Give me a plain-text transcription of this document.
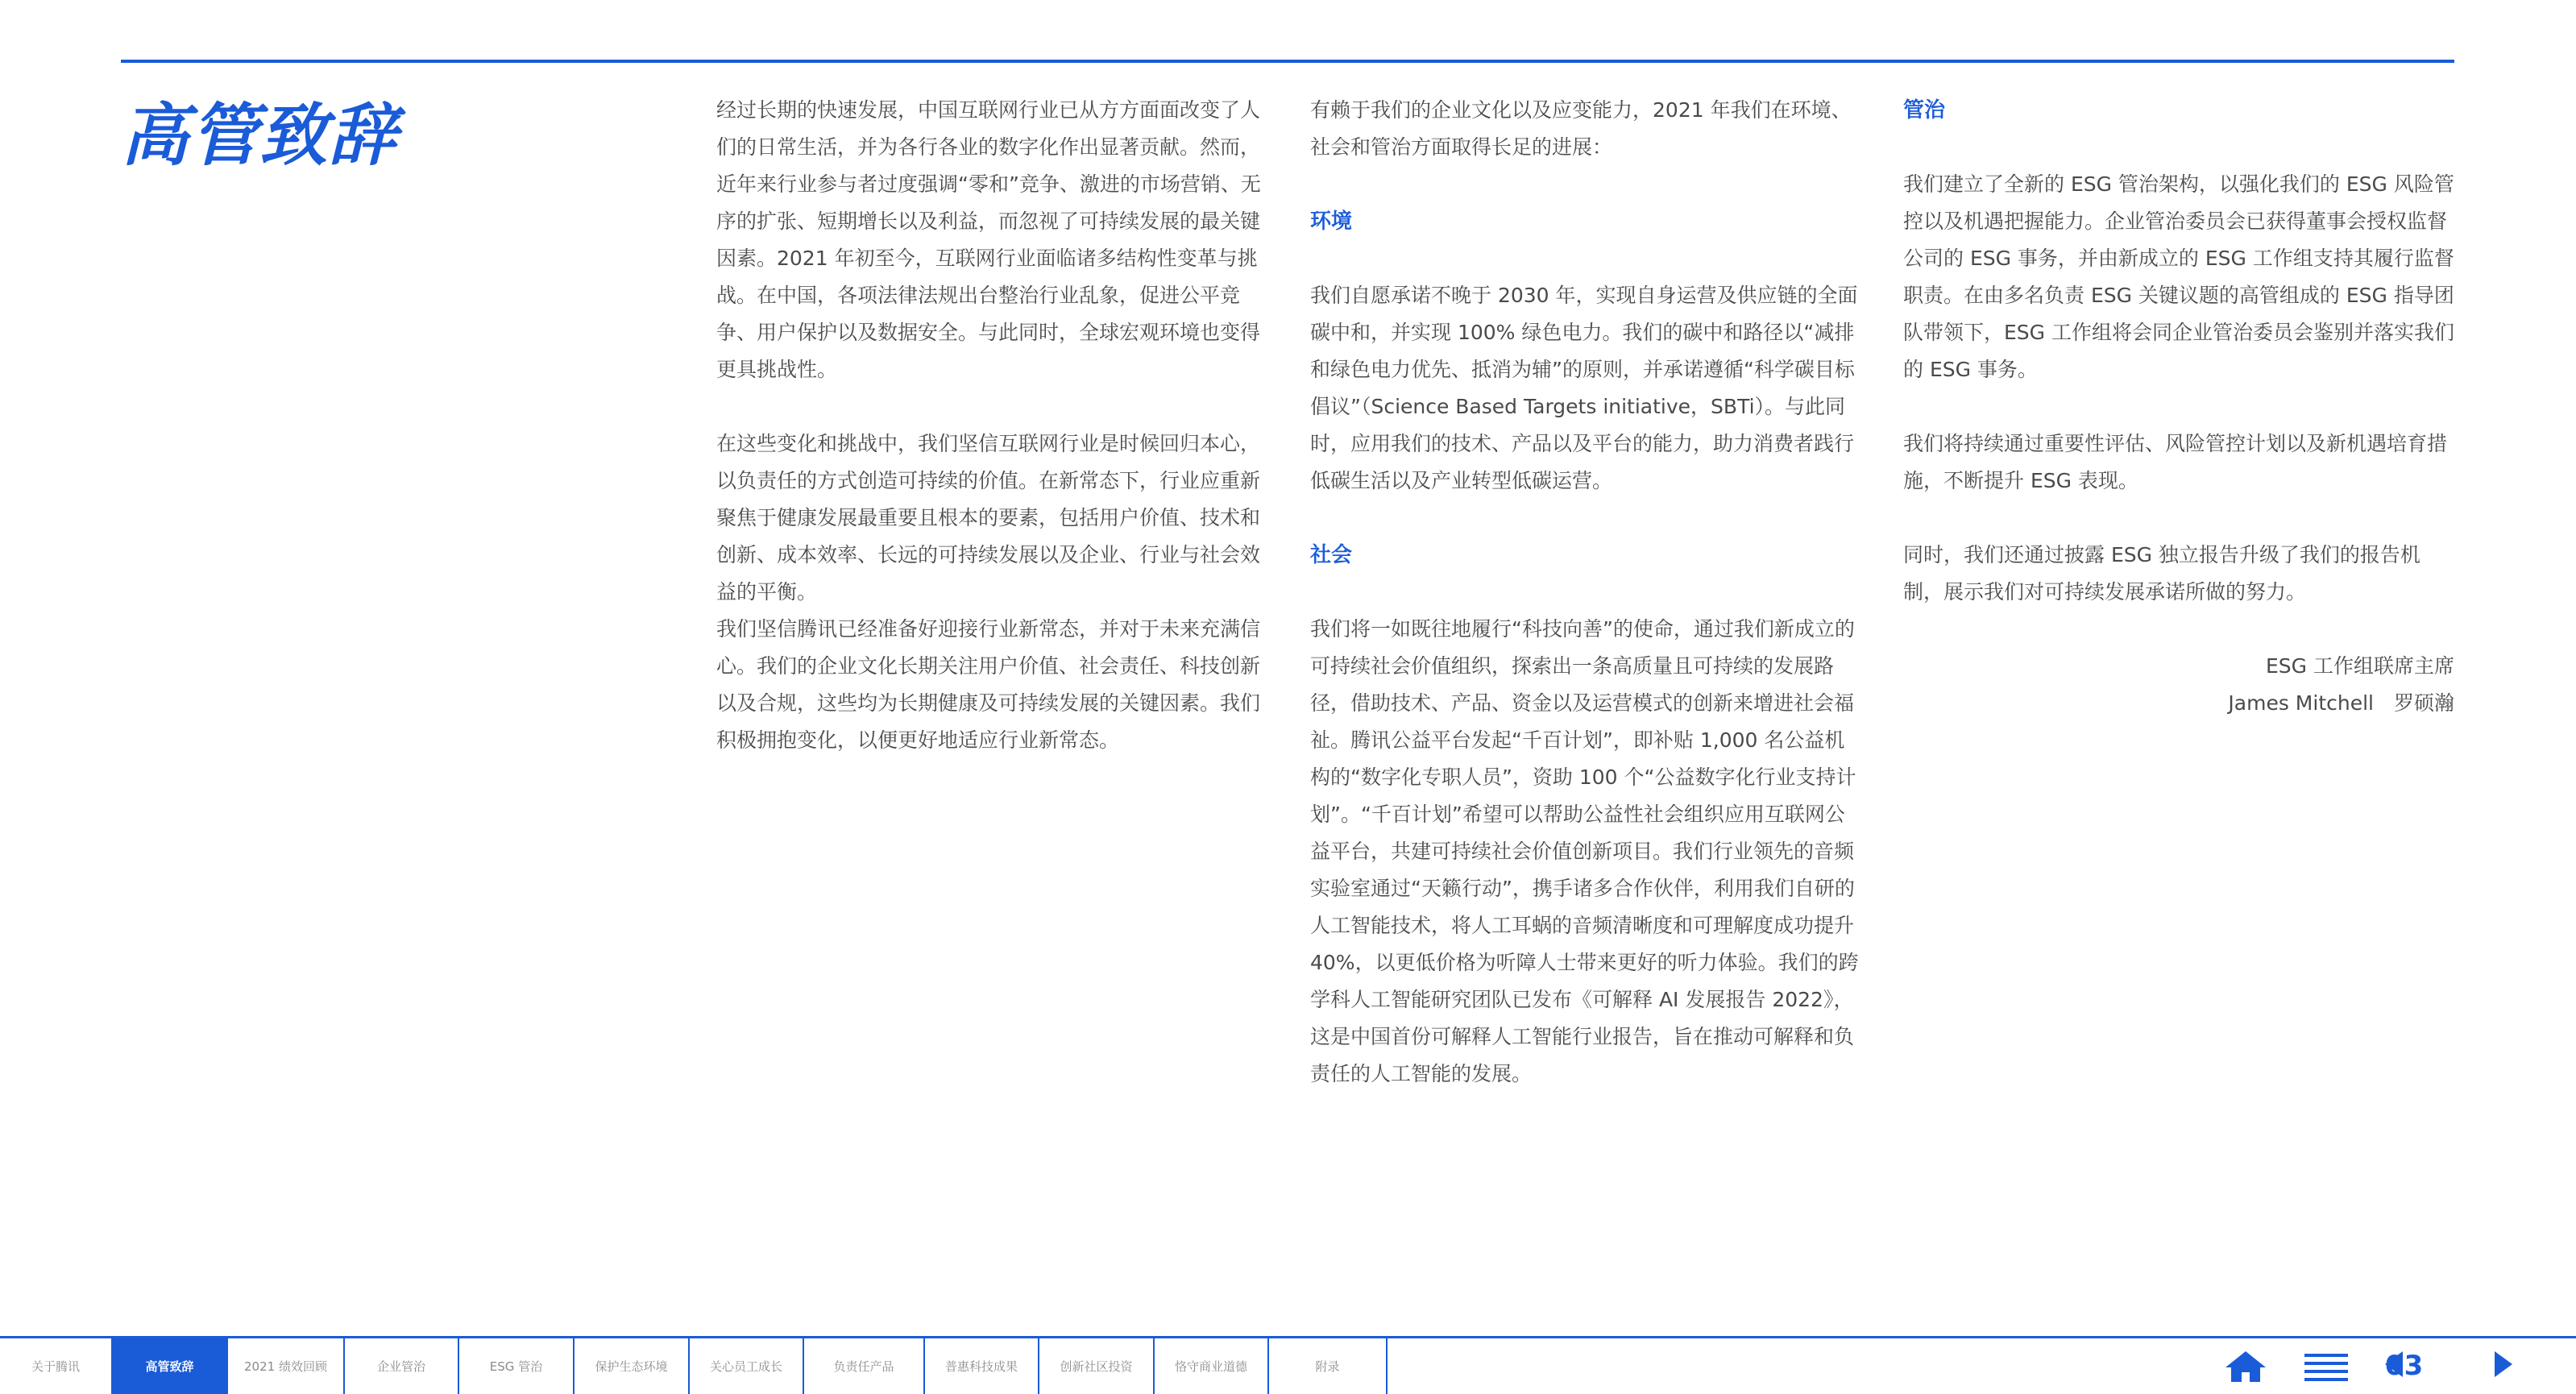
高管致辞	经过长期的快速发展，中国互联网行业已从方方面面改变了人们的日常生活，并为各行各业的数字化作出显著贡献。然而，近年来行业参与者过度强调“零和”竞争、激进的市场营销、无序的扩张、短期增长以及利益，而忽视了可持续发展的最关键因素。2021 年初至今，互联网行业面临诸多结构性变革与挑战。在中国，各项法律法规出台整治行业乱象，促进公平竞争、用户保护以及数据安全。与此同时，全球宏观环境也变得更具挑战性。

在这些变化和挑战中，我们坚信互联网行业是时候回归本心，以负责任的方式创造可持续的价值。在新常态下，行业应重新聚焦于健康发展最重要且根本的要素，包括用户价值、技术和创新、成本效率、长远的可持续发展以及企业、行业与社会效益的平衡。

我们坚信腾讯已经准备好迎接行业新常态，并对于未来充满信心。我们的企业文化长期关注用户价值、社会责任、科技创新以及合规，这些均为长期健康及可持续发展的关键因素。我们积极拥抱变化，以便更好地适应行业新常态。

有赖于我们的企业文化以及应变能力，2021 年我们在环境、社会和管治方面取得长足的进展：

环境

我们自愿承诺不晚于 2030 年，实现自身运营及供应链的全面碳中和，并实现 100% 绿色电力。我们的碳中和路径以“减排和绿色电力优先、抵消为辅”的原则，并承诺遵循“科学碳目标倡议”（Science Based Targets initiative，SBTi）。与此同时，应用我们的技术、产品以及平台的能力，助力消费者践行低碳生活以及产业转型低碳运营。

社会

我们将一如既往地履行“科技向善”的使命，通过我们新成立的可持续社会价值组织，探索出一条高质量且可持续的发展路径，借助技术、产品、资金以及运营模式的创新来增进社会福祉。腾讯公益平台发起“千百计划”，即补贴 1,000 名公益机构的“数字化专职人员”，资助 100 个“公益数字化行业支持计划”。“千百计划”希望可以帮助公益性社会组织应用互联网公益平台，共建可持续社会价值创新项目。我们行业领先的音频实验室通过“天籁行动”，携手诸多合作伙伴，利用我们自研的人工智能技术，将人工耳蜗的音频清晰度和可理解度成功提升 40%，以更低价格为听障人士带来更好的听力体验。我们的跨学科人工智能研究团队已发布《可解释 AI 发展报告 2022》，这是中国首份可解释人工智能行业报告，旨在推动可解释和负责任的人工智能的发展。

管治

我们建立了全新的 ESG 管治架构，以强化我们的 ESG 风险管控以及机遇把握能力。企业管治委员会已获得董事会授权监督公司的 ESG 事务，并由新成立的 ESG 工作组支持其履行监督职责。在由多名负责 ESG 关键议题的高管组成的 ESG 指导团队带领下，ESG 工作组将会同企业管治委员会鉴别并落实我们的 ESG 事务。

我们将持续通过重要性评估、风险管控计划以及新机遇培育措施，不断提升 ESG 表现。

同时，我们还通过披露 ESG 独立报告升级了我们的报告机制，展示我们对可持续发展承诺所做的努力。

ESG 工作组联席主席

James Mitchell　罗硕瀚

关于腾讯	高管致辞	2021 绩效回顾	企业管治	ESG 管治	保护生态环境	关心员工成长	负责任产品	普惠科技成果	创新社区投资	恪守商业道德	附录	03
